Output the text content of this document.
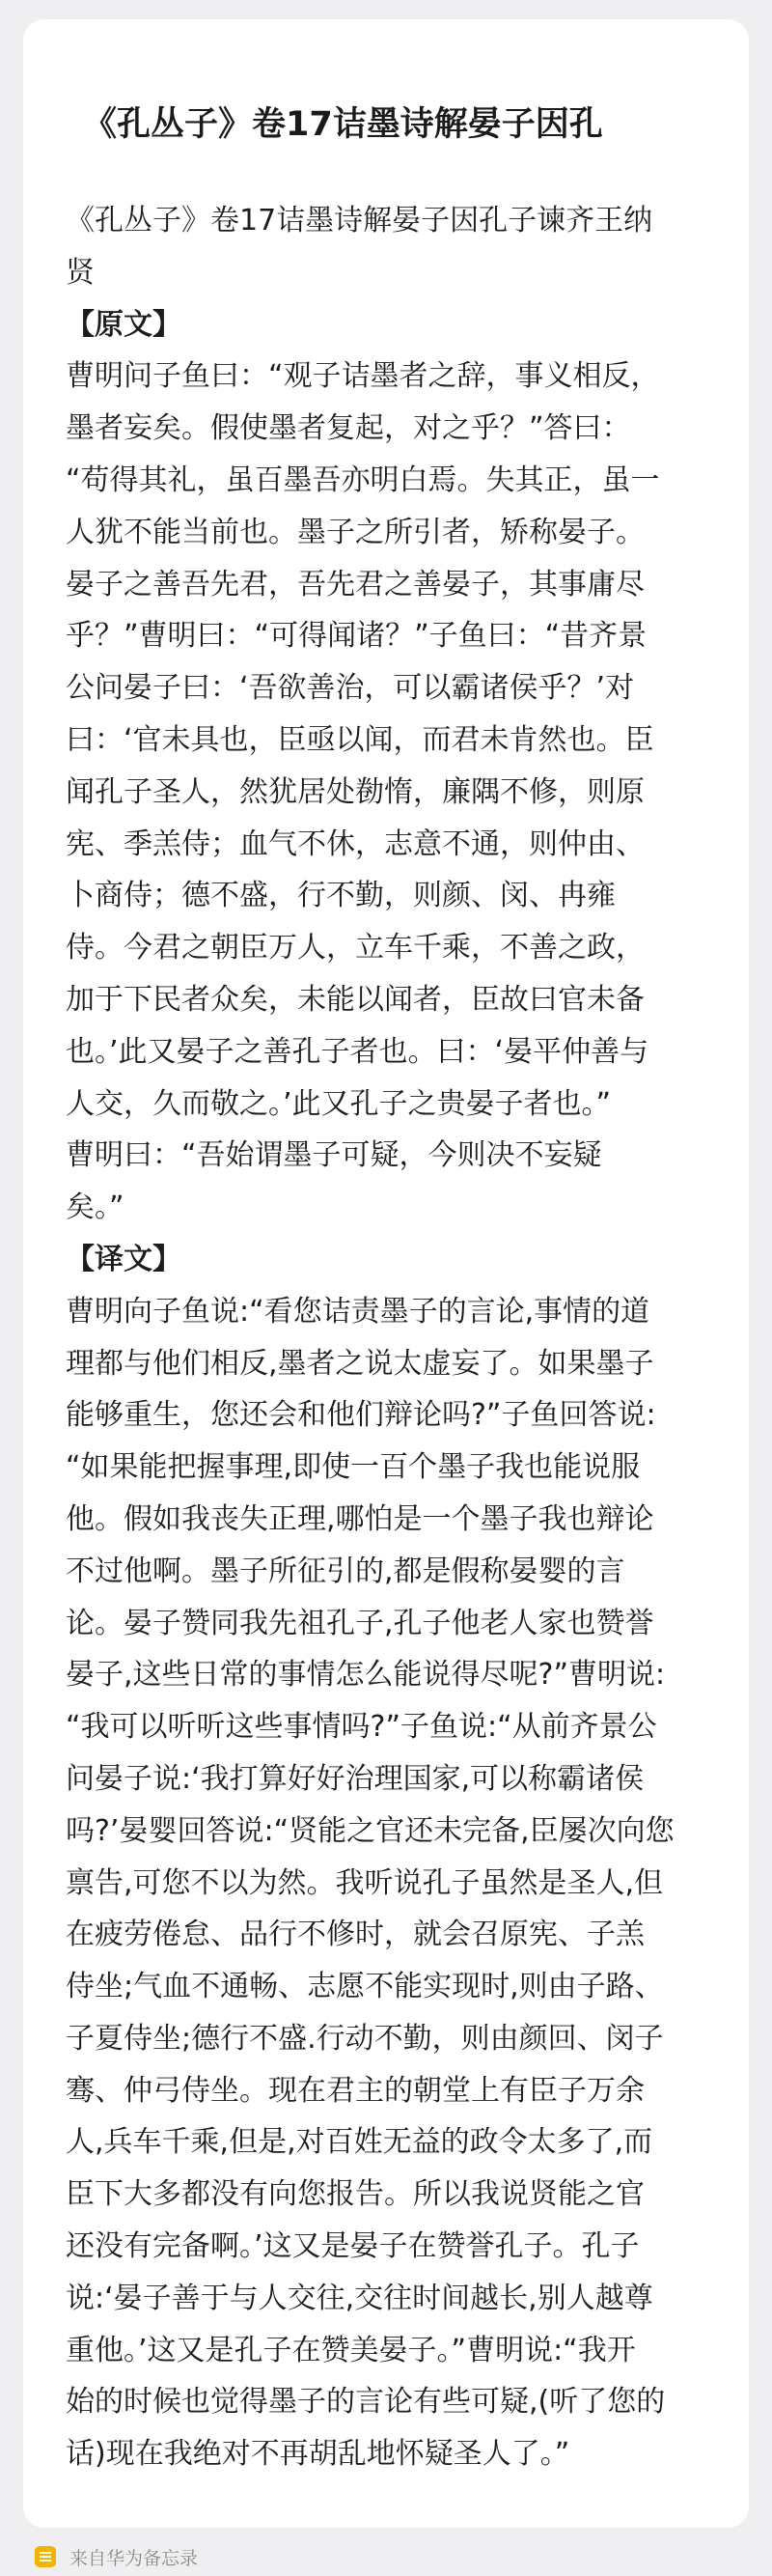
《孔丛子》卷17诘墨诗解晏子因孔
《孔丛子》卷17诘墨诗解晏子因孔子谏齐王纳
贤
【原文】
曹明问子鱼曰：“观子诘墨者之辞，事义相反，
墨者妄矣。假使墨者复起，对之乎？”答曰：
“苟得其礼，虽百墨吾亦明白焉。失其正，虽一
人犹不能当前也。墨子之所引者，矫称晏子。
晏子之善吾先君，吾先君之善晏子，其事庸尽
乎？”曹明曰：“可得闻诸？”子鱼曰：“昔齐景
公问晏子曰：‘吾欲善治，可以霸诸侯乎？’对
曰：‘官未具也，臣亟以闻，而君未肯然也。臣
闻孔子圣人，然犹居处勌惰，廉隅不修，则原
宪、季羔侍；血气不休，志意不通，则仲由、
卜商侍；德不盛，行不勤，则颜、闵、冉雍
侍。今君之朝臣万人，立车千乘，不善之政，
加于下民者众矣，未能以闻者，臣故曰官未备
也。’此又晏子之善孔子者也。曰：‘晏平仲善与
人交，久而敬之。’此又孔子之贵晏子者也。”
曹明曰：“吾始谓墨子可疑，今则决不妄疑
矣。”
【译文】
曹明向子鱼说:“看您诘责墨子的言论,事情的道
理都与他们相反,墨者之说太虚妄了。如果墨子
能够重生，您还会和他们辩论吗?”子鱼回答说:
“如果能把握事理,即使一百个墨子我也能说服
他。假如我丧失正理,哪怕是一个墨子我也辩论
不过他啊。墨子所征引的,都是假称晏婴的言
论。晏子赞同我先祖孔子,孔子他老人家也赞誉
晏子,这些日常的事情怎么能说得尽呢?”曹明说:
“我可以听听这些事情吗?”子鱼说:“从前齐景公
问晏子说:‘我打算好好治理国家,可以称霸诸侯
吗?’晏婴回答说:“贤能之官还未完备,臣屡次向您
禀告,可您不以为然。我听说孔子虽然是圣人,但
在疲劳倦怠、品行不修时，就会召原宪、子羔
侍坐;气血不通畅、志愿不能实现时,则由子路、
子夏侍坐;德行不盛.行动不勤，则由颜回、闵子
骞、仲弓侍坐。现在君主的朝堂上有臣子万余
人,兵车千乘,但是,对百姓无益的政令太多了,而
臣下大多都没有向您报告。所以我说贤能之官
还没有完备啊。’这又是晏子在赞誉孔子。孔子
说:‘晏子善于与人交往,交往时间越长,别人越尊
重他。’这又是孔子在赞美晏子。”曹明说:“我开
始的时候也觉得墨子的言论有些可疑,(听了您的
话)现在我绝对不再胡乱地怀疑圣人了。”
来自华为备忘录
